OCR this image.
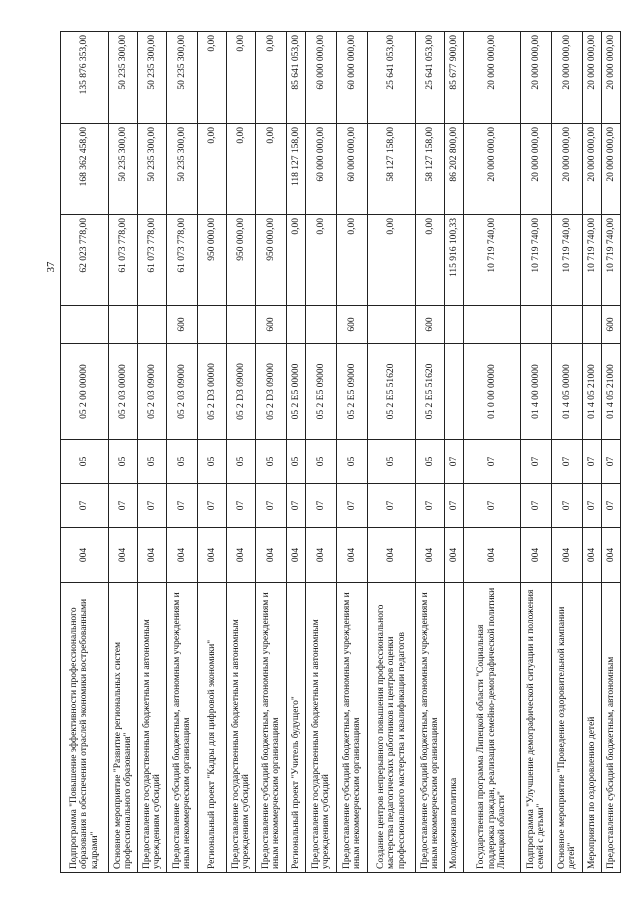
37
Подпрограмма "Повышение эффективности профессионального образования в обеспечении отраслей экономики востребованными кадрами"	004	07	05	05 2 00 00000		62 023 778,00	168 362 458,00	135 876 353,00
Основное мероприятие "Развитие региональных систем профессионального образования"	004	07	05	05 2 03 00000		61 073 778,00	50 235 300,00	50 235 300,00
Предоставление государственным бюджетным и автономным учреждениям субсидий	004	07	05	05 2 03 09000		61 073 778,00	50 235 300,00	50 235 300,00
Предоставление субсидий бюджетным, автономным учреждениям и иным некоммерческим организациям	004	07	05	05 2 03 09000	600	61 073 778,00	50 235 300,00	50 235 300,00
Региональный проект "Кадры для цифровой экономики"	004	07	05	05 2 D3 00000		950 000,00	0,00	0,00
Предоставление государственным бюджетным и автономным учреждениям субсидий	004	07	05	05 2 D3 09000		950 000,00	0,00	0,00
Предоставление субсидий бюджетным, автономным учреждениям и иным некоммерческим организациям	004	07	05	05 2 D3 09000	600	950 000,00	0,00	0,00
Региональный проект "Учитель будущего"	004	07	05	05 2 E5 00000		0,00	118 127 158,00	85 641 053,00
Предоставление государственным бюджетным и автономным учреждениям субсидий	004	07	05	05 2 E5 09000		0,00	60 000 000,00	60 000 000,00
Предоставление субсидий бюджетным, автономным учреждениям и иным некоммерческим организациям	004	07	05	05 2 E5 09000	600	0,00	60 000 000,00	60 000 000,00
Создание центров непрерывного повышения профессионального мастерства педагогических работников и центров оценки профессионального мастерства и квалификации педагогов	004	07	05	05 2 E5 51620		0,00	58 127 158,00	25 641 053,00
Предоставление субсидий бюджетным, автономным учреждениям и иным некоммерческим организациям	004	07	05	05 2 E5 51620	600	0,00	58 127 158,00	25 641 053,00
Молодежная политика	004	07	07			115 916 100,33	86 202 800,00	85 677 900,00
Государственная программа Липецкой области "Социальная поддержка граждан, реализация семейно-демографической политики Липецкой области"	004	07	07	01 0 00 00000		10 719 740,00	20 000 000,00	20 000 000,00
Подпрограмма "Улучшение демографической ситуации и положения семей с детьми"	004	07	07	01 4 00 00000		10 719 740,00	20 000 000,00	20 000 000,00
Основное мероприятие "Проведение оздоровительной кампании детей"	004	07	07	01 4 05 00000		10 719 740,00	20 000 000,00	20 000 000,00
Мероприятия по оздоровлению детей	004	07	07	01 4 05 21000		10 719 740,00	20 000 000,00	20 000 000,00
Предоставление субсидий бюджетным, автономным	004	07	07	01 4 05 21000	600	10 719 740,00	20 000 000,00	20 000 000,00
